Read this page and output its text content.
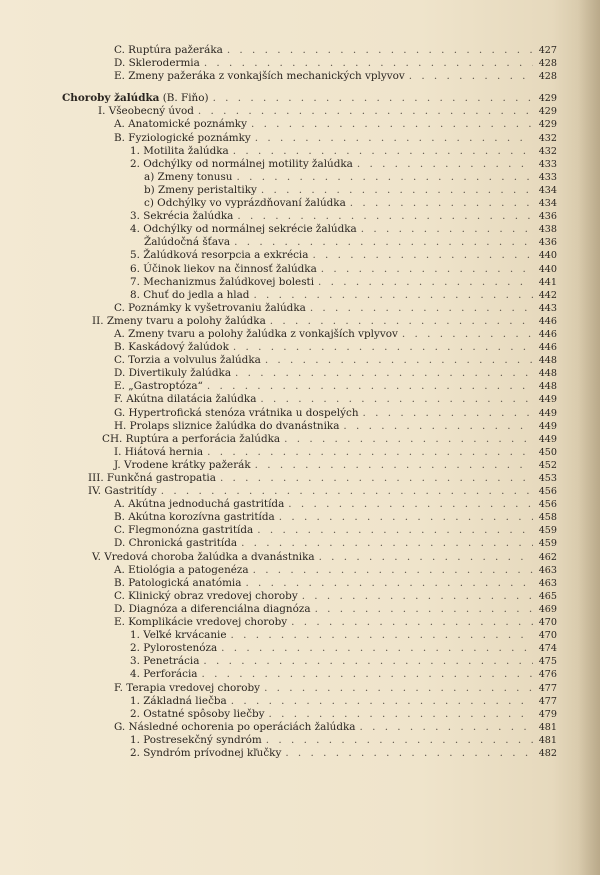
C. Ruptúra pažeráka . . .	427
D. Sklerodermia . . .	428
E. Zmeny pažeráka z vonkajších mechanických vplyvov . . .	428
Choroby žalúdka (B. Fiňo) . . .	429
I. Všeobecný úvod . . .	429
A. Anatomické poznámky . . .	429
B. Fyziologické poznámky . . .	432
1. Motilita žalúdka . . .	432
2. Odchýlky od normálnej motility žalúdka . . .	433
a) Zmeny tonusu . . .	433
b) Zmeny peristaltiky . . .	434
c) Odchýlky vo vyprázdňovaní žalúdka . . .	434
3. Sekrécia žalúdka . . .	436
4. Odchýlky od normálnej sekrécie žalúdka . . .	438
Žalúdočná šťava . . .	436
5. Žalúdková resorpcia a exkrécia . . .	440
6. Účinok liekov na činnosť žalúdka . . .	440
7. Mechanizmus žalúdkovej bolesti . . .	441
8. Chuť do jedla a hlad . . .	442
C. Poznámky k vyšetrovaniu žalúdka . . .	443
II. Zmeny tvaru a polohy žalúdka . . .	446
A. Zmeny tvaru a polohy žalúdka z vonkajších vplyvov . . .	446
B. Kaskádový žalúdok . . .	446
C. Torzia a volvulus žalúdka . . .	448
D. Divertikuly žalúdka . . .	448
E. „Gastroptóza“ . . .	448
F. Akútna dilatácia žalúdka . . .	449
G. Hypertrofická stenóza vrátnika u dospelých . . .	449
H. Prolaps sliznice žalúdka do dvanástnika . . .	449
CH. Ruptúra a perforácia žalúdka . . .	449
I. Hiátová hernia . . .	450
J. Vrodene krátky pažerák . . .	452
III. Funkčná gastropatia . . .	453
IV. Gastritídy . . .	456
A. Akútna jednoduchá gastritída . . .	456
B. Akútna korozívna gastritída . . .	458
C. Flegmonózna gastritída . . .	459
D. Chronická gastritída . . .	459
V. Vredová choroba žalúdka a dvanástnika . . .	462
A. Etiológia a patogenéza . . .	463
B. Patologická anatómia . . .	463
C. Klinický obraz vredovej choroby . . .	465
D. Diagnóza a diferenciálna diagnóza . . .	469
E. Komplikácie vredovej choroby . . .	470
1. Veľké krvácanie . . .	470
2. Pylorostenóza . . .	474
3. Penetrácia . . .	475
4. Perforácia . . .	476
F. Terapia vredovej choroby . . .	477
1. Základná liečba . . .	477
2. Ostatné spôsoby liečby . . .	479
G. Následné ochorenia po operáciách žalúdka . . .	481
1. Postresekčný syndróm . . .	481
2. Syndróm prívodnej kľučky . . .	482
